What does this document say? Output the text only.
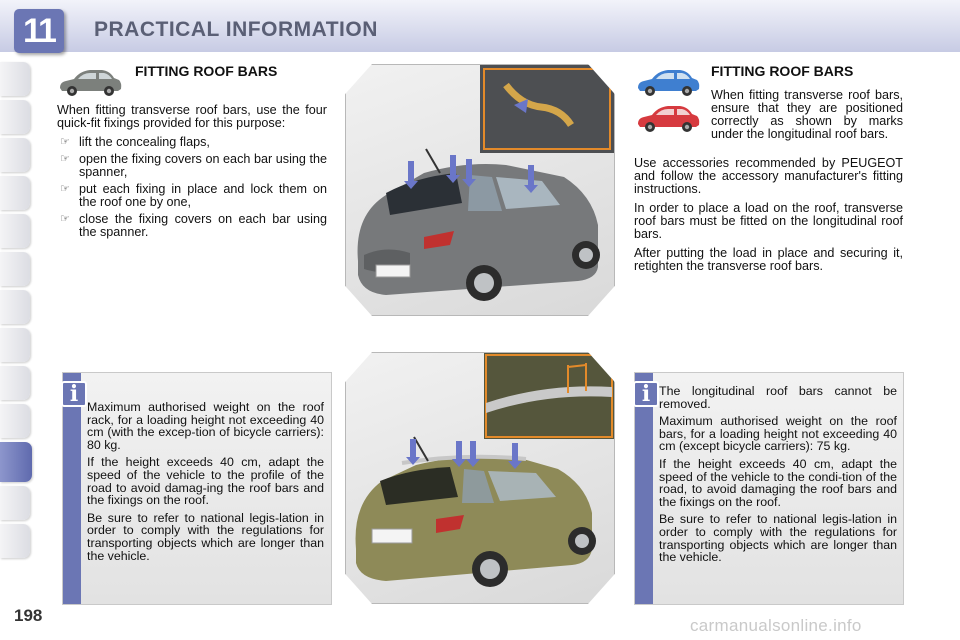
11	PRACTICAL INFORMATION
FITTING ROOF BARS

When fitting transverse roof bars, use the four quick-fit fixings provided for this purpose:

☞ lift the concealing flaps,
☞ open the fixing covers on each bar using the spanner,
☞ put each fixing in place and lock them on the roof one by one,
☞ close the fixing covers on each bar using the spanner.
FITTING ROOF BARS
When fitting transverse roof bars, ensure that they are positioned correctly as shown by marks under the longitudinal roof bars.

Use accessories recommended by PEUGEOT and follow the accessory manufacturer's fitting instructions.

In order to place a load on the roof, transverse roof bars must be fitted on the longitudinal roof bars.

After putting the load in place and securing it, retighten the transverse roof bars.

i Maximum authorised weight on the roof rack, for a loading height not exceeding 40 cm (with the excep-tion of bicycle carriers): 80 kg.

If the height exceeds 40 cm, adapt the speed of the vehicle to the profile of the road to avoid damag-ing the roof bars and the fixings on the roof.

Be sure to refer to national legis-lation in order to comply with the regulations for transporting objects which are longer than the vehicle.

i The longitudinal roof bars cannot be removed.

Maximum authorised weight on the roof bars, for a loading height not exceeding 40 cm (except bicycle carriers): 75 kg.

If the height exceeds 40 cm, adapt the speed of the vehicle to the condi-tion of the road, to avoid damaging the roof bars and the fixings on the roof.

Be sure to refer to national legis-lation in order to comply with the regulations for transporting objects which are longer than the vehicle.

198
carmanualsonline.info
